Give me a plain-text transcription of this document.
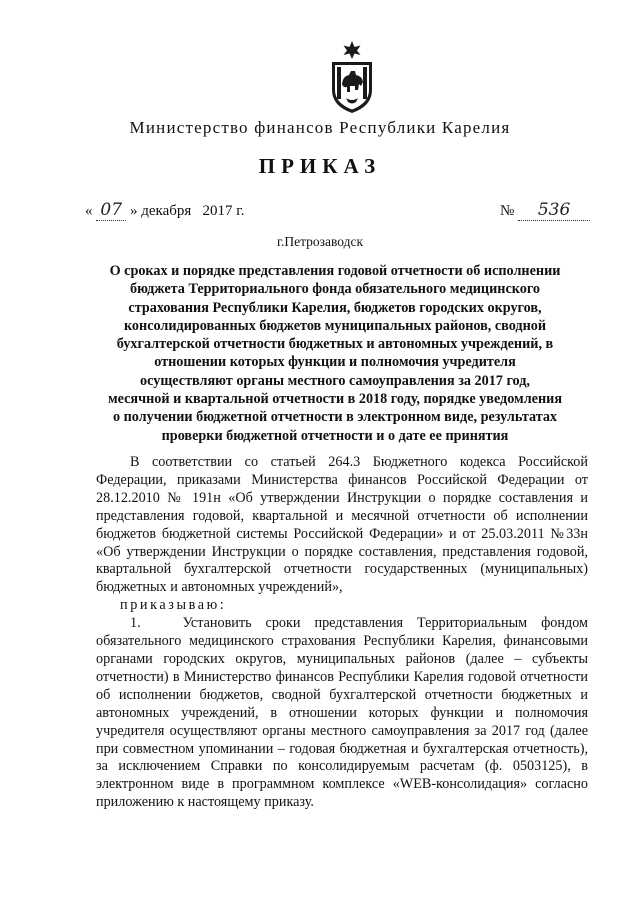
Министерство финансов Республики Карелия
ПРИКАЗ
« 07 » декабря   2017 г.	№ 536
г.Петрозаводск
О сроках и порядке представления годовой отчетности об исполнении бюджета Территориального фонда обязательного медицинского страхования Республики Карелия, бюджетов городских округов, консолидированных бюджетов муниципальных районов, сводной бухгалтерской отчетности бюджетных и автономных учреждений, в отношении которых функции и полномочия учредителя осуществляют органы местного самоуправления за 2017 год, месячной и квартальной отчетности в 2018 году, порядке уведомления о получении бюджетной отчетности в электронном виде, результатах проверки бюджетной отчетности и о дате ее принятия

В соответствии со статьей 264.3 Бюджетного кодекса Российской Федерации, приказами Министерства финансов Российской Федерации от 28.12.2010 № 191н «Об утверждении Инструкции о порядке составления и представления годовой, квартальной и месячной отчетности об исполнении бюджетов бюджетной системы Российской Федерации» и от 25.03.2011 №33н «Об утверждении Инструкции о порядке составления, представления годовой, квартальной бухгалтерской отчетности государственных (муниципальных) бюджетных и автономных учреждений»,

приказываю:

1.   Установить сроки представления Территориальным фондом обязательного медицинского страхования Республики Карелия, финансовыми органами городских округов, муниципальных районов (далее – субъекты отчетности) в Министерство финансов Республики Карелия годовой отчетности об исполнении бюджетов, сводной бухгалтерской отчетности бюджетных и автономных учреждений, в отношении которых функции и полномочия учредителя осуществляют органы местного самоуправления за 2017 год (далее при совместном упоминании – годовая бюджетная и бухгалтерская отчетность), за исключением Справки по консолидируемым расчетам (ф. 0503125), в электронном виде в программном комплексе «WEB-консолидация» согласно приложению к настоящему приказу.
